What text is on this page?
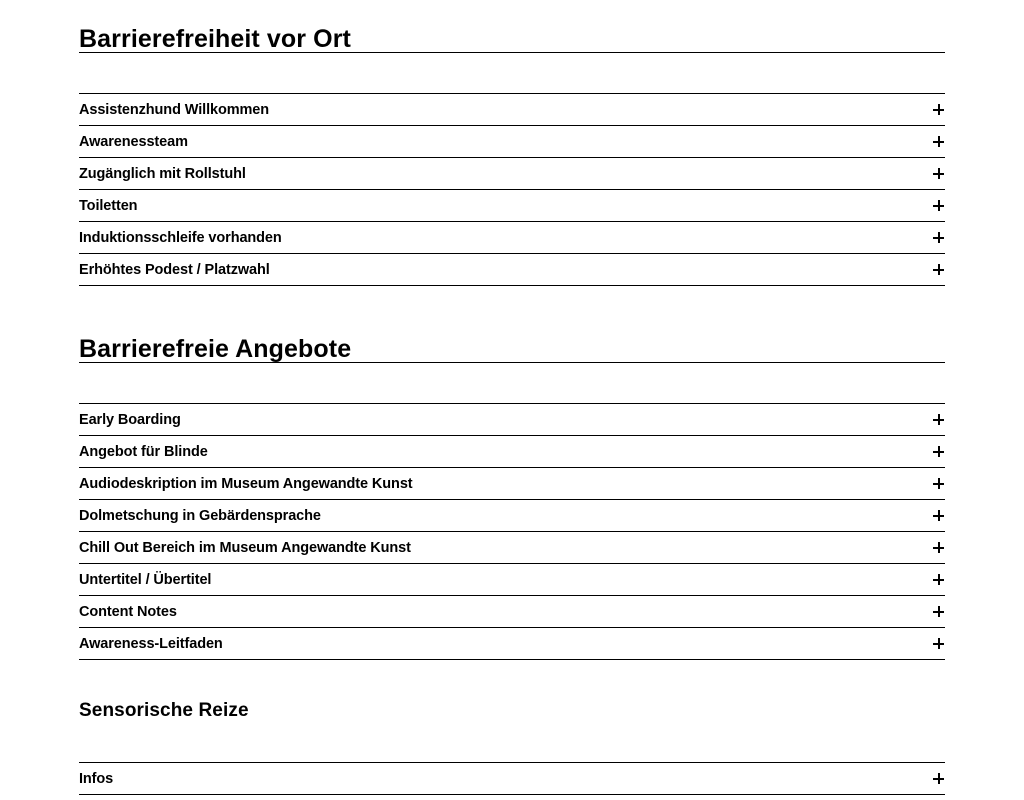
Barrierefreiheit vor Ort
Assistenzhund Willkommen
Awarenessteam
Zugänglich mit Rollstuhl
Toiletten
Induktionsschleife vorhanden
Erhöhtes Podest / Platzwahl
Barrierefreie Angebote
Early Boarding
Angebot für Blinde
Audiodeskription im Museum Angewandte Kunst
Dolmetschung in Gebärdensprache
Chill Out Bereich im Museum Angewandte Kunst
Untertitel / Übertitel
Content Notes
Awareness-Leitfaden
Sensorische Reize
Infos
